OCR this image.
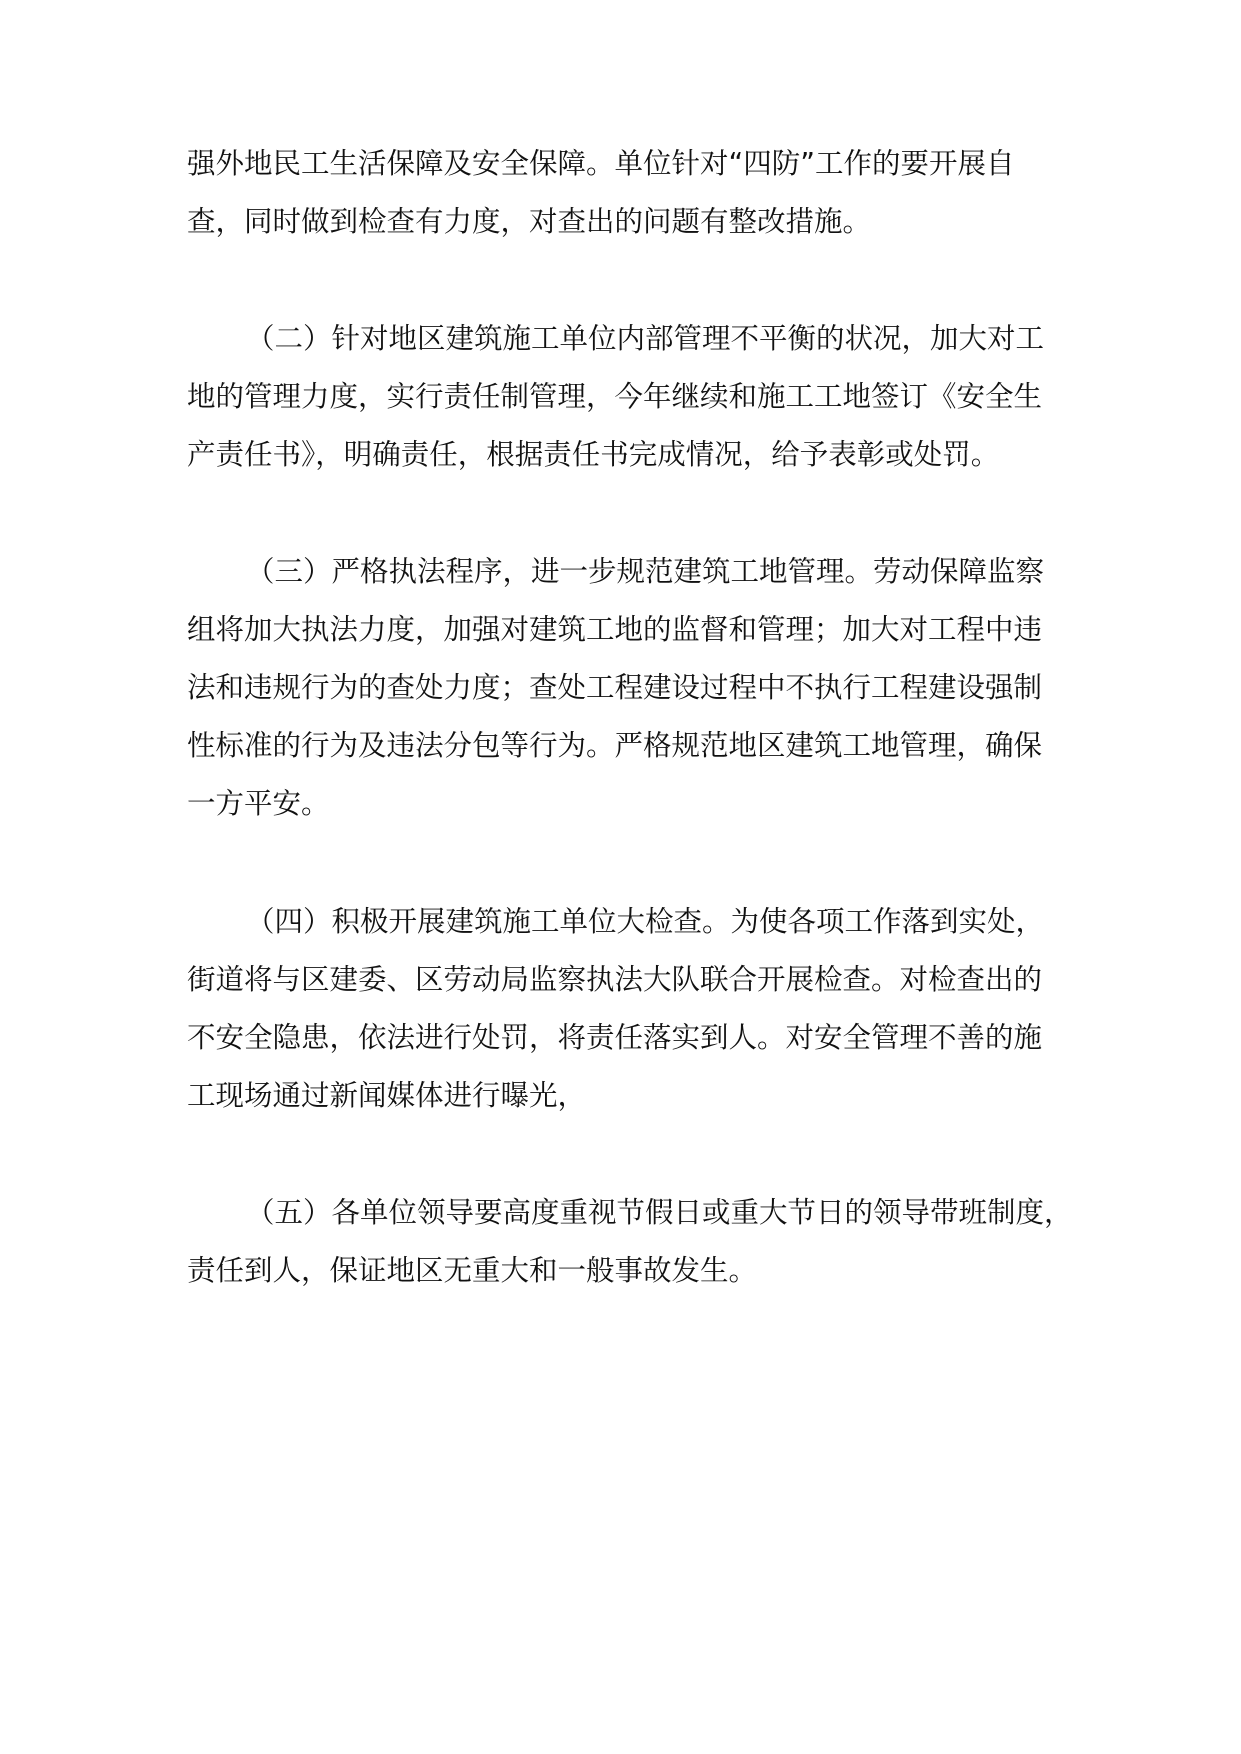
强外地民工生活保障及安全保障。单位针对“四防”工作的要开展自
查，同时做到检查有力度，对查出的问题有整改措施。
（二）针对地区建筑施工单位内部管理不平衡的状况，加大对工
地的管理力度，实行责任制管理，今年继续和施工工地签订《安全生
产责任书》，明确责任，根据责任书完成情况，给予表彰或处罚。
（三）严格执法程序，进一步规范建筑工地管理。劳动保障监察
组将加大执法力度，加强对建筑工地的监督和管理；加大对工程中违
法和违规行为的查处力度；查处工程建设过程中不执行工程建设强制
性标准的行为及违法分包等行为。严格规范地区建筑工地管理，确保
一方平安。
（四）积极开展建筑施工单位大检查。为使各项工作落到实处，
街道将与区建委、区劳动局监察执法大队联合开展检查。对检查出的
不安全隐患，依法进行处罚，将责任落实到人。对安全管理不善的施
工现场通过新闻媒体进行曝光，
（五）各单位领导要高度重视节假日或重大节日的领导带班制度，
责任到人，保证地区无重大和一般事故发生。
